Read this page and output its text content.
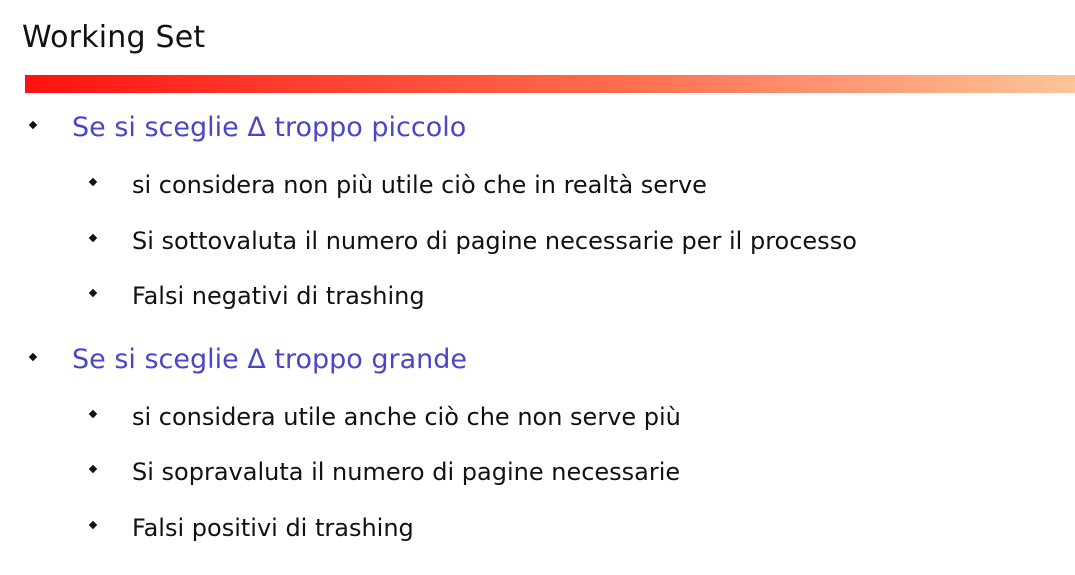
Working Set
Se si sceglie Δ troppo piccolo
si considera non più utile ciò che in realtà serve
Si sottovaluta il numero di pagine necessarie per il processo
Falsi negativi di trashing
Se si sceglie Δ troppo grande
si considera utile anche ciò che non serve più
Si sopravaluta il numero di pagine necessarie
Falsi positivi di trashing
